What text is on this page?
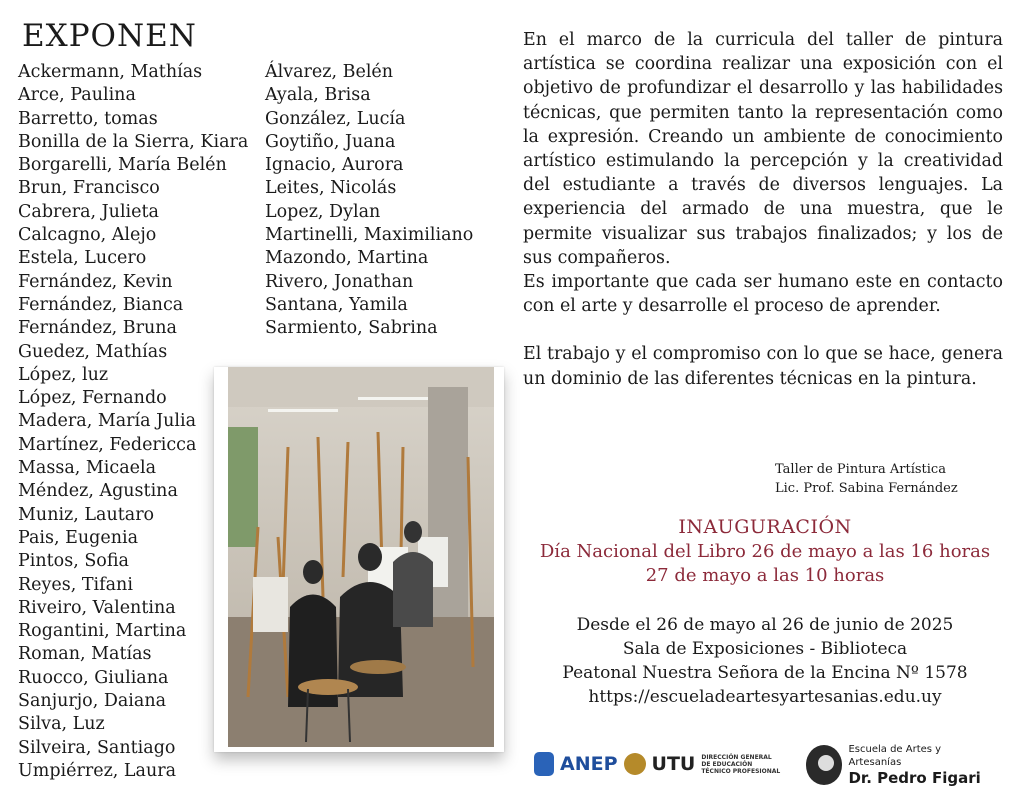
EXPONEN
Ackermann, Mathías
Arce, Paulina
Barretto, tomas
Bonilla de la Sierra, Kiara
Borgarelli, María Belén
Brun, Francisco
Cabrera, Julieta
Calcagno, Alejo
Estela, Lucero
Fernández, Kevin
Fernández, Bianca
Fernández, Bruna
Guedez, Mathías
López, luz
López, Fernando
Madera, María Julia
Martínez, Federicca
Massa, Micaela
Méndez, Agustina
Muniz, Lautaro
Pais, Eugenia
Pintos, Sofia
Reyes, Tifani
Riveiro, Valentina
Rogantini, Martina
Roman, Matías
Ruocco, Giuliana
Sanjurjo, Daiana
Silva, Luz
Silveira, Santiago
Umpiérrez, Laura
Álvarez, Belén
Ayala, Brisa
González, Lucía
Goytiño, Juana
Ignacio, Aurora
Leites, Nicolás
Lopez, Dylan
Martinelli, Maximiliano
Mazondo, Martina
Rivero, Jonathan
Santana, Yamila
Sarmiento, Sabrina

En el marco de la curricula del taller de pintura artística se coordina realizar una exposición con el objetivo de profundizar el desarrollo y las habilidades técnicas, que permiten tanto la representación como la expresión. Creando un ambiente de conocimiento artístico estimulando la percepción y la creatividad del estudiante a través de diversos lenguajes. La experiencia del armado de una muestra, que le permite visualizar sus trabajos finalizados; y los de sus compañeros.

Es importante que cada ser humano este en contacto con el arte y desarrolle el proceso de aprender.

El trabajo y el compromiso con lo que se hace, genera un dominio de las diferentes técnicas en la pintura.

Taller de Pintura Artística
Lic. Prof. Sabina Fernández
INAUGURACIÓN
Día Nacional del Libro 26 de mayo a las 16 horas
27 de mayo a las 10 horas
Desde el 26 de mayo al 26 de junio de 2025
Sala de Exposiciones - Biblioteca
Peatonal Nuestra Señora de la Encina Nº 1578
https://escueladeartesyartesanias.edu.uy
ANEP UTU DIRECCIÓN GENERAL
DE EDUCACIÓN
TÉCNICO PROFESIONAL
Escuela de Artes y Artesanías
Dr. Pedro Figari
